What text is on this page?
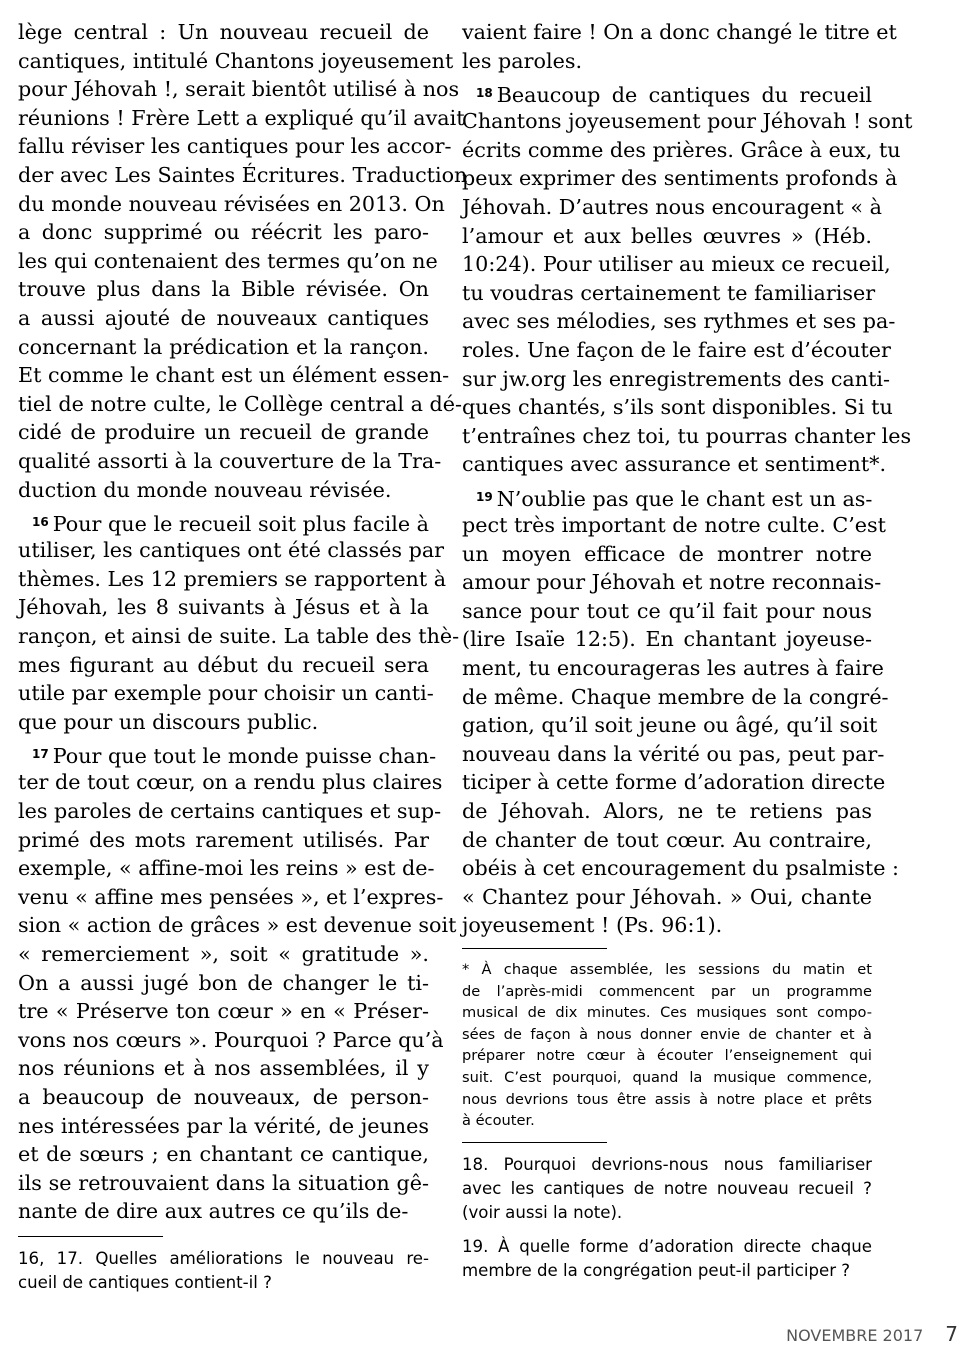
lège central : Un nouveau recueil de
cantiques, intitulé Chantons joyeusement
pour Jéhovah !, serait bientôt utilisé à nos
réunions ! Frère Lett a expliqué qu’il avait
fallu réviser les cantiques pour les accor-
der avec Les Saintes Écritures. Traduction
du monde nouveau révisées en 2013. On
a donc supprimé ou réécrit les paro-
les qui contenaient des termes qu’on ne
trouve plus dans la Bible révisée. On
a aussi ajouté de nouveaux cantiques
concernant la prédication et la rançon.
Et comme le chant est un élément essen-
tiel de notre culte, le Collège central a dé-
cidé de produire un recueil de grande
qualité assorti à la couverture de la Tra-
duction du monde nouveau révisée.
$^{16}$ Pour que le recueil soit plus facile à
utiliser, les cantiques ont été classés par
thèmes. Les 12 premiers se rapportent à
Jéhovah, les 8 suivants à Jésus et à la
rançon, et ainsi de suite. La table des thè-
mes figurant au début du recueil sera
utile par exemple pour choisir un canti-
que pour un discours public.
$^{17}$ Pour que tout le monde puisse chan-
ter de tout cœur, on a rendu plus claires
les paroles de certains cantiques et sup-
primé des mots rarement utilisés. Par
exemple, « affine-moi les reins » est de-
venu « affine mes pensées », et l’expres-
sion « action de grâces » est devenue soit
« remerciement », soit « gratitude ».
On a aussi jugé bon de changer le ti-
tre « Préserve ton cœur » en « Préser-
vons nos cœurs ». Pourquoi ? Parce qu’à
nos réunions et à nos assemblées, il y
a beaucoup de nouveaux, de person-
nes intéressées par la vérité, de jeunes
et de sœurs ; en chantant ce cantique,
ils se retrouvaient dans la situation gê-
nante de dire aux autres ce qu’ils de-
16, 17. Quelles améliorations le nouveau re-
cueil de cantiques contient-il ?
vaient faire ! On a donc changé le titre et
les paroles.
$^{18}$ Beaucoup de cantiques du recueil
Chantons joyeusement pour Jéhovah ! sont
écrits comme des prières. Grâce à eux, tu
peux exprimer des sentiments profonds à
Jéhovah. D’autres nous encouragent « à
l’amour et aux belles œuvres » (Héb.
10:24). Pour utiliser au mieux ce recueil,
tu voudras certainement te familiariser
avec ses mélodies, ses rythmes et ses pa-
roles. Une façon de le faire est d’écouter
sur jw.org les enregistrements des canti-
ques chantés, s’ils sont disponibles. Si tu
t’entraînes chez toi, tu pourras chanter les
cantiques avec assurance et sentiment*.
$^{19}$ N’oublie pas que le chant est un as-
pect très important de notre culte. C’est
un moyen efficace de montrer notre
amour pour Jéhovah et notre reconnais-
sance pour tout ce qu’il fait pour nous
(lire Isaïe 12:5). En chantant joyeuse-
ment, tu encourageras les autres à faire
de même. Chaque membre de la congré-
gation, qu’il soit jeune ou âgé, qu’il soit
nouveau dans la vérité ou pas, peut par-
ticiper à cette forme d’adoration directe
de Jéhovah. Alors, ne te retiens pas
de chanter de tout cœur. Au contraire,
obéis à cet encouragement du psalmiste :
« Chantez pour Jéhovah. » Oui, chante
joyeusement ! (Ps. 96:1).
* À chaque assemblée, les sessions du matin et
de l’après-midi commencent par un programme
musical de dix minutes. Ces musiques sont compo-
sées de façon à nous donner envie de chanter et à
préparer notre cœur à écouter l’enseignement qui
suit. C’est pourquoi, quand la musique commence,
nous devrions tous être assis à notre place et prêts
à écouter.
18. Pourquoi devrions-nous nous familiariser
avec les cantiques de notre nouveau recueil ?
(voir aussi la note).
19. À quelle forme d’adoration directe chaque
membre de la congrégation peut-il participer ?
NOVEMBRE 2017 7
